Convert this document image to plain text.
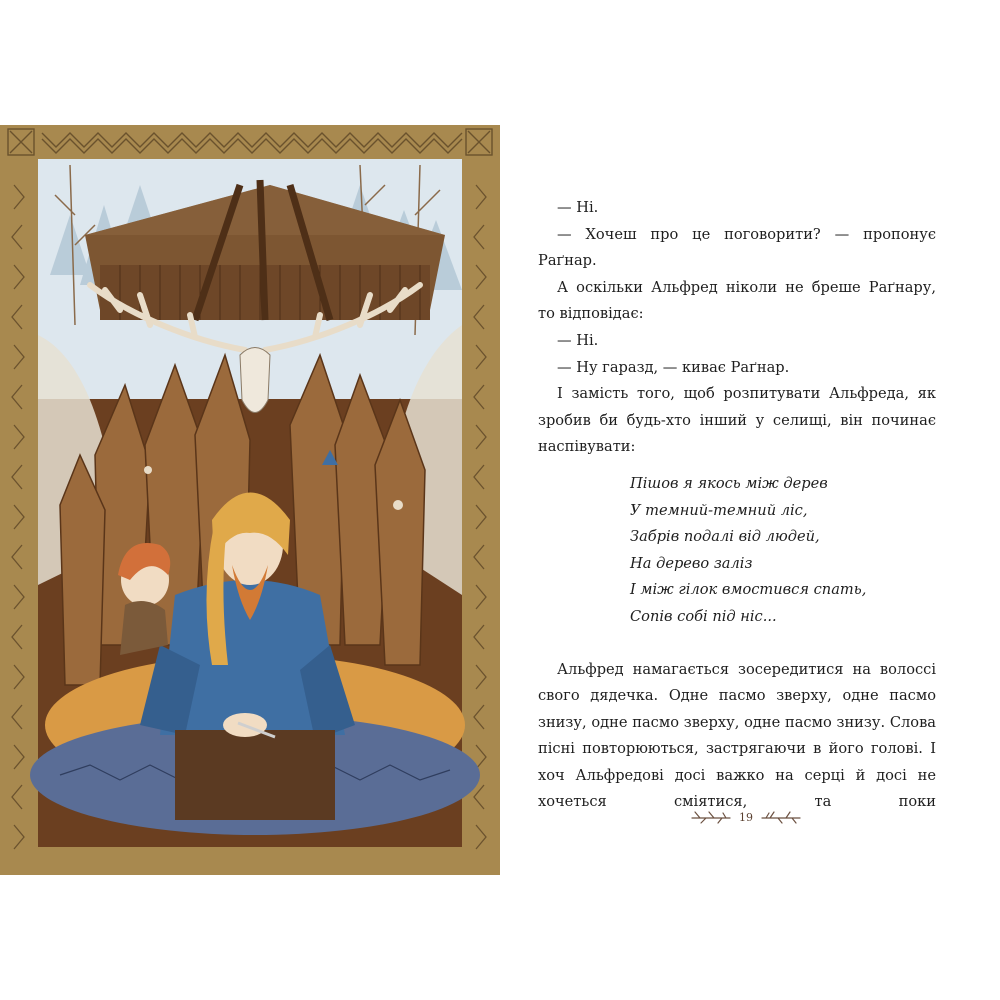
— Ні.

— Хочеш про це поговорити? — пропонує Раґнар.

А оскільки Альфред ніколи не бреше Раґнару, то відповідає:

— Ні.

— Ну гаразд, — киває Раґнар.

І замість того, щоб розпитувати Альфреда, як зробив би будь-хто інший у селищі, він починає наспівувати:

Пішов я якось між дерев
У темний-темний ліс,
Забрів подалі від людей,
На дерево заліз
І між гілок вмостився спать,
Сопів собі під ніс...

Альфред намагається зосередитися на волоссі свого дядечка. Одне пасмо зверху, одне пасмо знизу, одне пасмо зверху, одне пасмо знизу. Слова пісні повторюються, застрягаючи в його голові. І хоч Альфредові досі важко на серці й досі не хочеться сміятися, та поки

19
